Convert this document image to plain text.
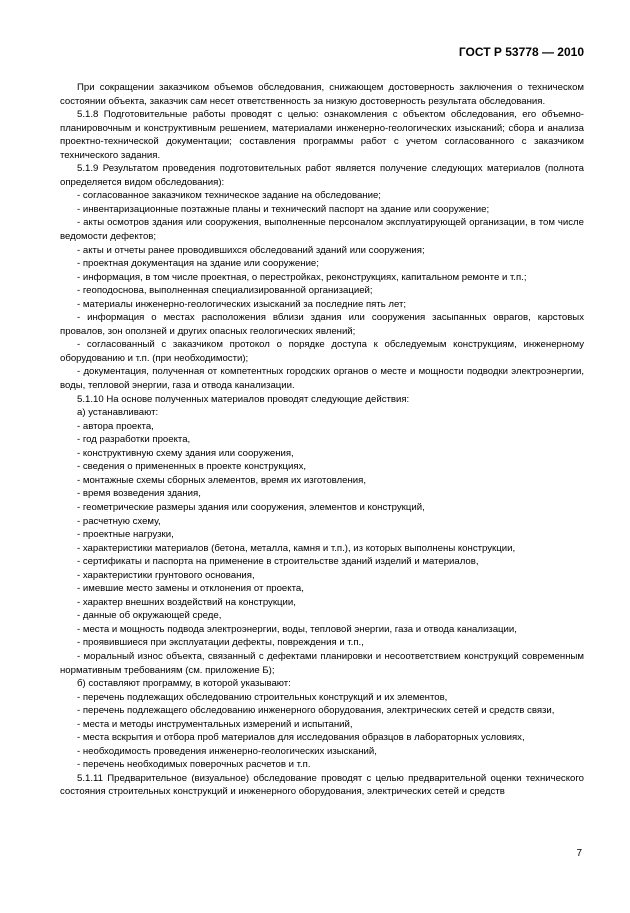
ГОСТ Р 53778 — 2010

При сокращении заказчиком объемов обследования, снижающем достоверность заключения о техническом состоянии объекта, заказчик сам несет ответственность за низкую достоверность результата обследования.

5.1.8 Подготовительные работы проводят с целью: ознакомления с объектом обследования, его объемно-планировочным и конструктивным решением, материалами инженерно-геологических изысканий; сбора и анализа проектно-технической документации; составления программы работ с учетом согласованного с заказчиком технического задания.

5.1.9 Результатом проведения подготовительных работ является получение следующих материалов (полнота определяется видом обследования):

- согласованное заказчиком техническое задание на обследование;

- инвентаризационные поэтажные планы и технический паспорт на здание или сооружение;

- акты осмотров здания или сооружения, выполненные персоналом эксплуатирующей организации, в том числе ведомости дефектов;

- акты и отчеты ранее проводившихся обследований зданий или сооружения;

- проектная документация на здание или сооружение;

- информация, в том числе проектная, о перестройках, реконструкциях, капитальном ремонте и т.п.;

- геоподоснова, выполненная специализированной организацией;

- материалы инженерно-геологических изысканий за последние пять лет;

- информация о местах расположения вблизи здания или сооружения засыпанных оврагов, карстовых провалов, зон оползней и других опасных геологических явлений;

- согласованный с заказчиком протокол о порядке доступа к обследуемым конструкциям, инженерному оборудованию и т.п. (при необходимости);

- документация, полученная от компетентных городских органов о месте и мощности подводки электроэнергии, воды, тепловой энергии, газа и отвода канализации.

5.1.10 На основе полученных материалов проводят следующие действия:

а) устанавливают:

- автора проекта,

- год разработки проекта,

- конструктивную схему здания или сооружения,

- сведения о примененных в проекте конструкциях,

- монтажные схемы сборных элементов, время их изготовления,

- время возведения здания,

- геометрические размеры здания или сооружения, элементов и конструкций,

- расчетную схему,

- проектные нагрузки,

- характеристики материалов (бетона, металла, камня и т.п.), из которых выполнены конструкции,

- сертификаты и паспорта на применение в строительстве зданий изделий и материалов,

- характеристики грунтового основания,

- имевшие место замены и отклонения от проекта,

- характер внешних воздействий на конструкции,

- данные об окружающей среде,

- места и мощность подвода электроэнергии, воды, тепловой энергии, газа и отвода канализации,

- проявившиеся при эксплуатации дефекты, повреждения и т.п.,

- моральный износ объекта, связанный с дефектами планировки и несоответствием конструкций современным нормативным требованиям (см. приложение Б);

б) составляют программу, в которой указывают:

- перечень подлежащих обследованию строительных конструкций и их элементов,

- перечень подлежащего обследованию инженерного оборудования, электрических сетей и средств связи,

- места и методы инструментальных измерений и испытаний,

- места вскрытия и отбора проб материалов для исследования образцов в лабораторных условиях,

- необходимость проведения инженерно-геологических изысканий,

- перечень необходимых поверочных расчетов и т.п.

5.1.11 Предварительное (визуальное) обследование проводят с целью предварительной оценки технического состояния строительных конструкций и инженерного оборудования, электрических сетей и средств

7
